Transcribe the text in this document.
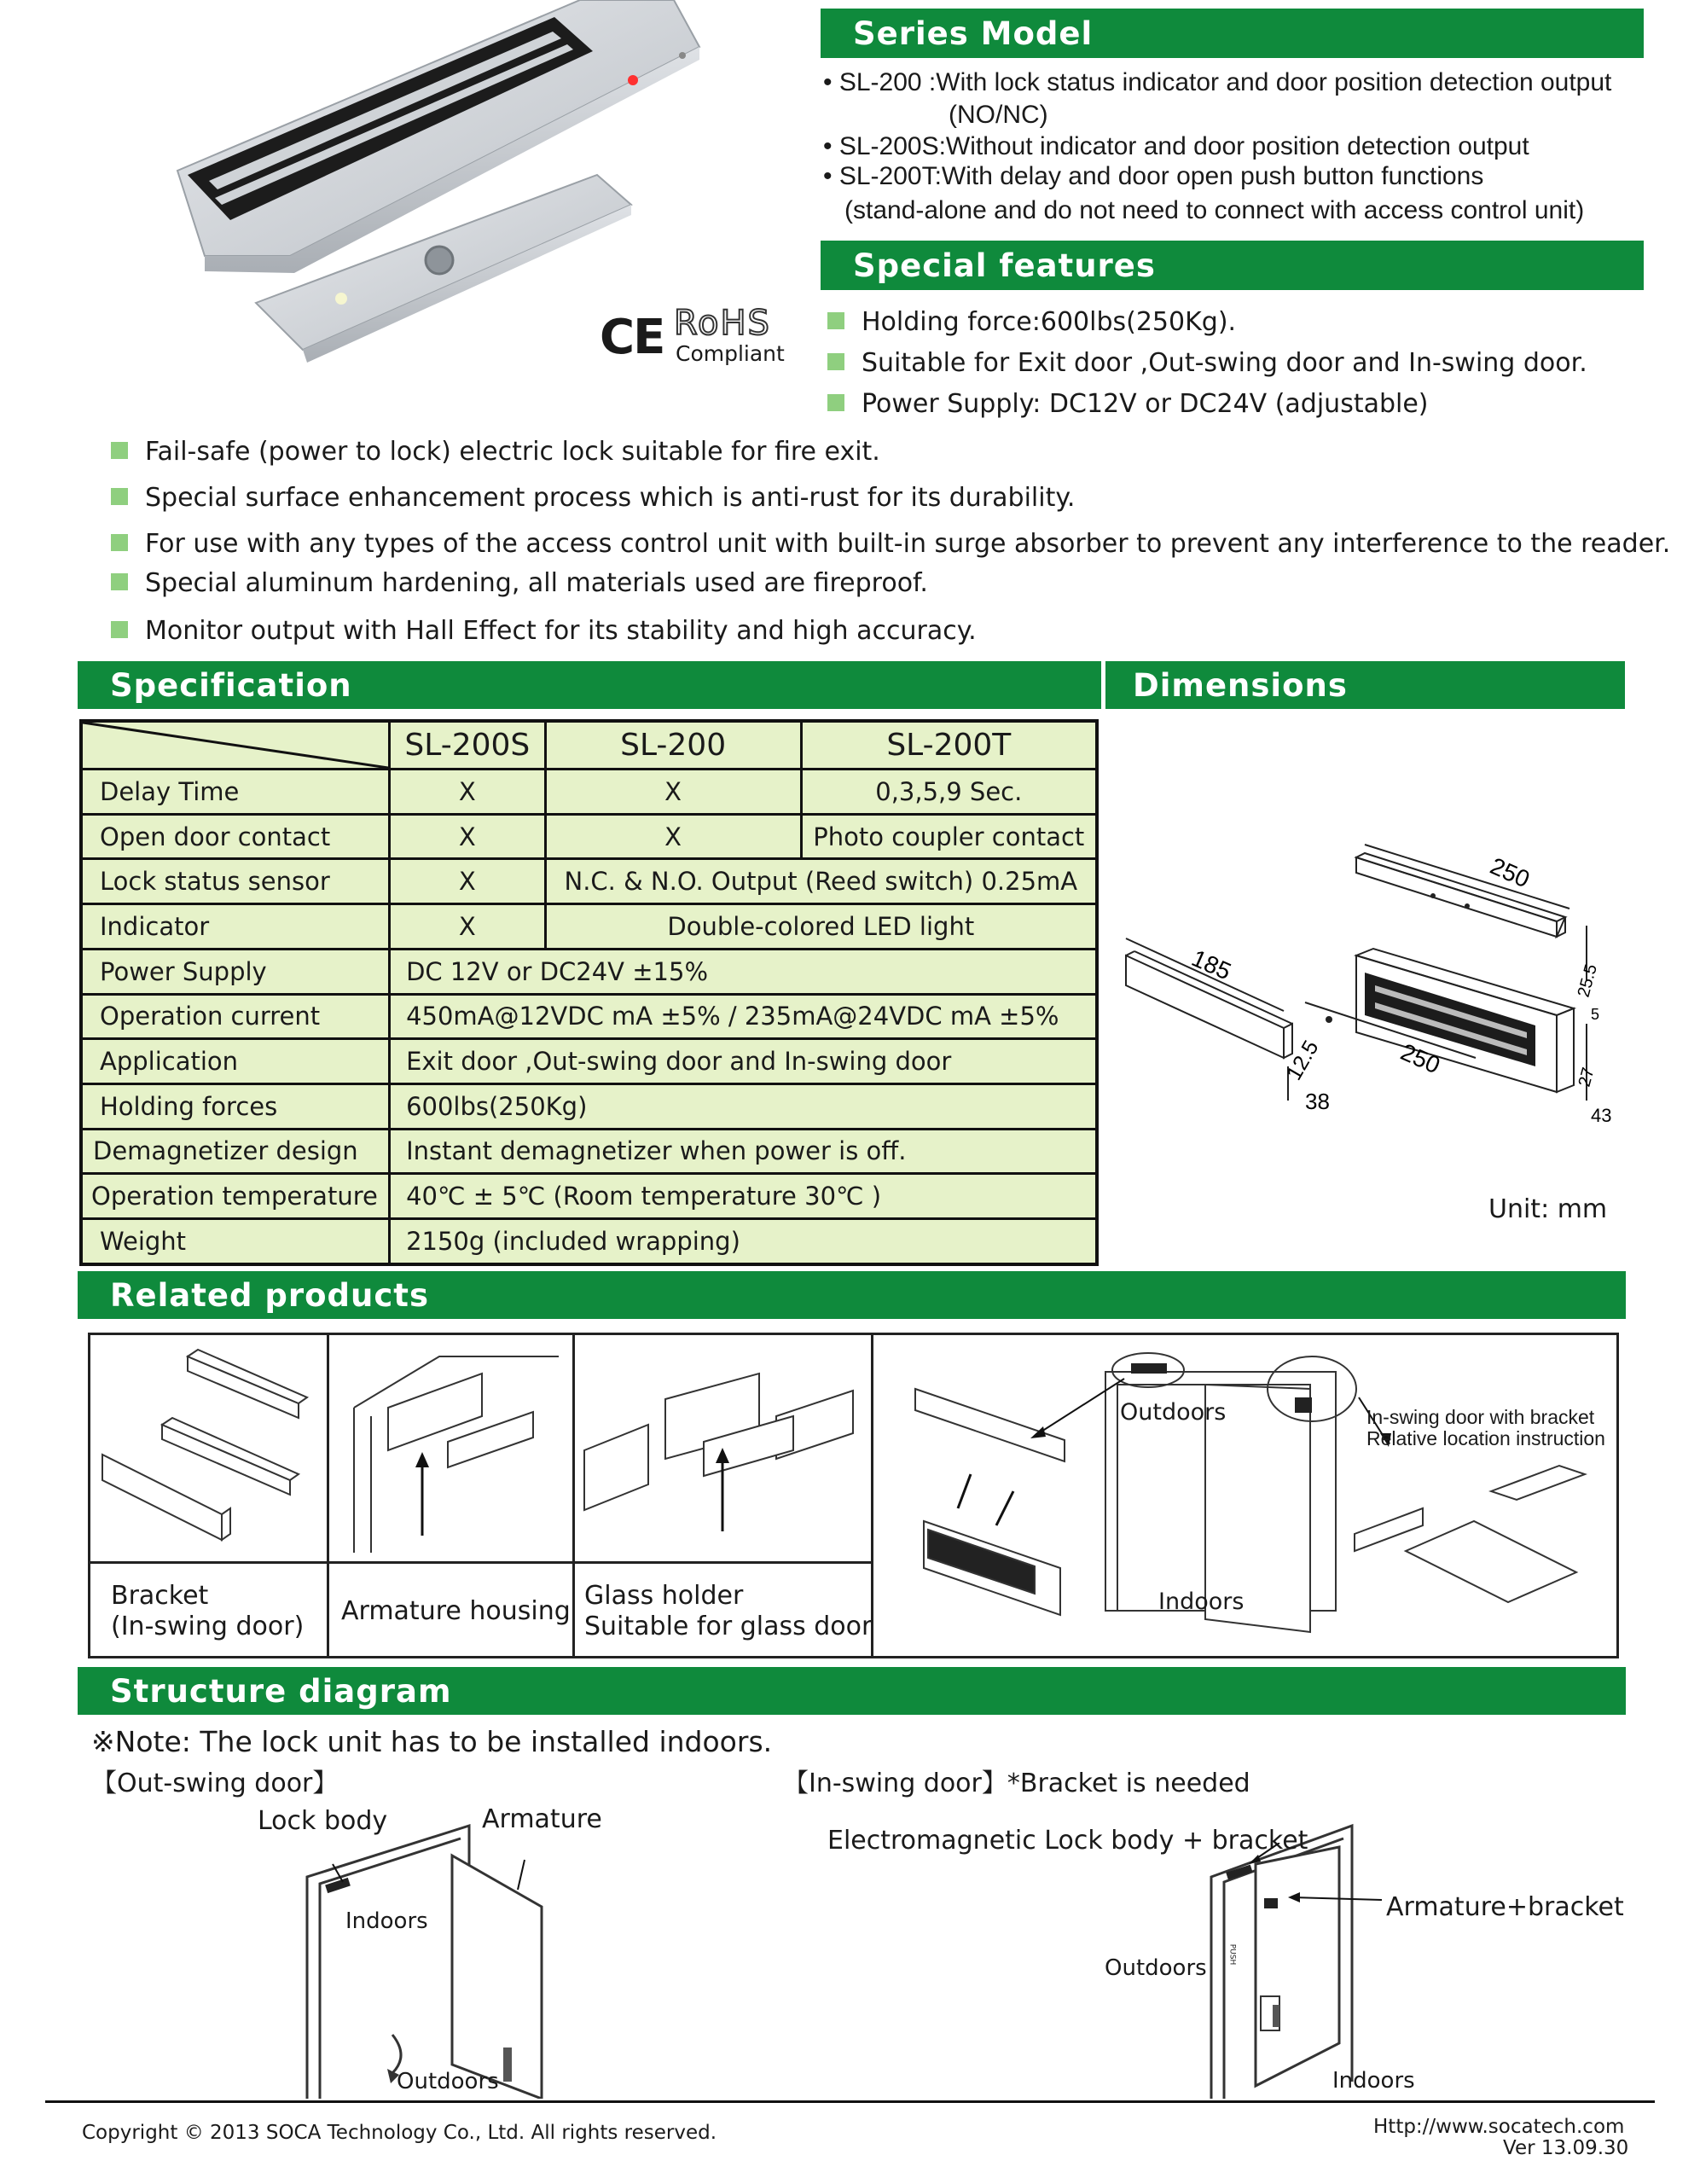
CE RoHS
Compliant
Series Model
• SL-200 :With lock status indicator and door position detection output
(NO/NC)
• SL-200S:Without indicator and door position detection output
• SL-200T:With delay and door open push button functions
(stand-alone and do not need to connect with access control unit)
Special features
Holding force:600lbs(250Kg).
Suitable for Exit door ,Out-swing door and In-swing door.
Power Supply: DC12V or DC24V (adjustable)
Fail-safe (power to lock) electric lock suitable for fire exit.
Special surface enhancement process which is anti-rust for its durability.
For use with any types of the access control unit with built-in surge absorber to prevent any interference to the reader.
Special aluminum hardening, all materials used are fireproof.
Monitor output with Hall Effect for its stability and high accuracy.
Specification
	SL-200S	SL-200	SL-200T
Delay Time	X	X	0,3,5,9 Sec.
Open door contact	X	X	Photo coupler contact
Lock status sensor	X	N.C. & N.O. Output (Reed switch) 0.25mA	
Indicator	X	Double-colored LED light	
Power Supply	DC 12V or DC24V ±15%		
Operation current	450mA@12VDC mA ±5% / 235mA@24VDC mA ±5%		
Application	Exit door ,Out-swing door and In-swing door		
Holding forces	600lbs(250Kg)		
Demagnetizer design	Instant demagnetizer when power is off.		
Operation temperature	40℃ ± 5℃ (Room temperature 30℃ )		
Weight	2150g (included wrapping)		
Dimensions
250
185	25.5
5
12.5
38
250	27
43
Unit: mm
Related products
Bracket
(In-swing door)
Armature housing
Glass holder
Suitable for glass door
Outdoors
Indoors
In-swing door with bracket
Relative location instruction
Structure diagram
※Note: The lock unit has to be installed indoors.
【Out-swing door】	【In-swing door】*Bracket is needed
Lock body	Armature
Indoors
Outdoors
Electromagnetic Lock body + bracket
Armature+bracket
Outdoors
Indoors
PUSH
Copyright © 2013 SOCA Technology Co., Ltd. All rights reserved.	Http://www.socatech.com
Ver 13.09.30
